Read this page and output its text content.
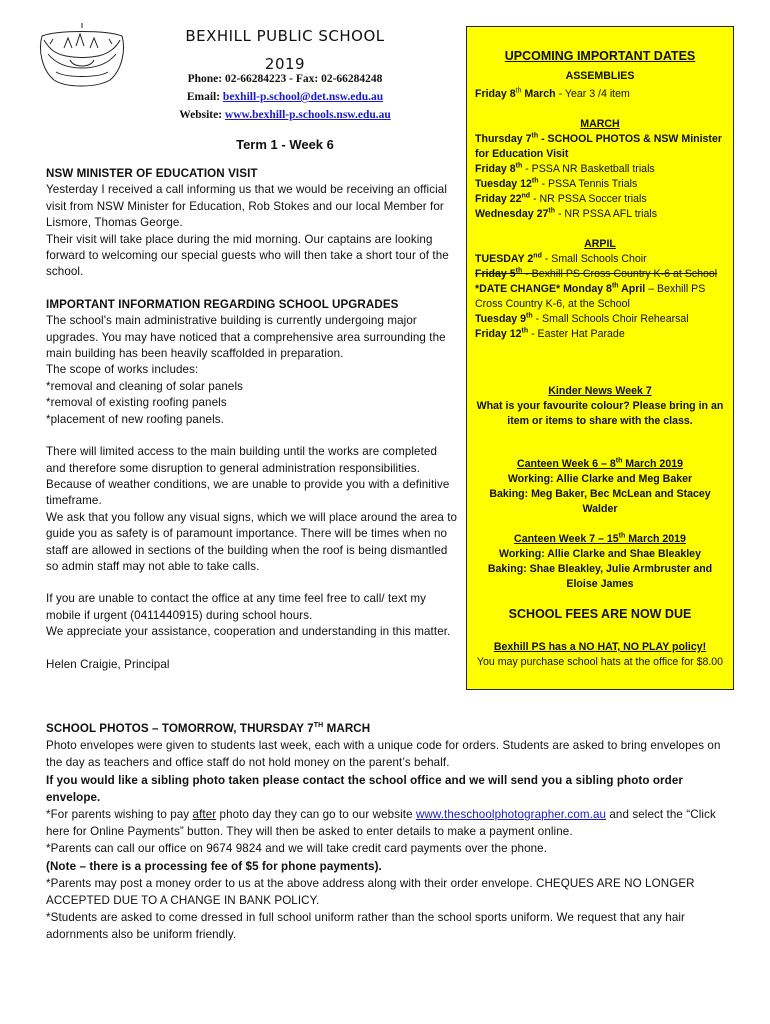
BEXHILL PUBLIC SCHOOL
2019
Phone: 02-66284223 - Fax: 02-66284248
Email: bexhill-p.school@det.nsw.edu.au
Website: www.bexhill-p.schools.nsw.edu.au
Term 1 - Week 6

NSW MINISTER OF EDUCATION VISIT

Yesterday I received a call informing us that we would be receiving an official visit from NSW Minister for Education, Rob Stokes and our local Member for Lismore, Thomas George.

Their visit will take place during the mid morning. Our captains are looking forward to welcoming our special guests who will then take a short tour of the school.

IMPORTANT INFORMATION REGARDING SCHOOL UPGRADES

The school's main administrative building is currently undergoing major upgrades. You may have noticed that a comprehensive area surrounding the main building has been heavily scaffolded in preparation.

The scope of works includes:

*removal and cleaning of solar panels

*removal of existing roofing panels

*placement of new roofing panels.

There will limited access to the main building until the works are completed and therefore some disruption to general administration responsibilities. Because of weather conditions, we are unable to provide you with a definitive timeframe.

We ask that you follow any visual signs, which we will place around the area to guide you as safety is of paramount importance. There will be times when no staff are allowed in sections of the building when the roof is being dismantled so admin staff may not able to take calls.

If you are unable to contact the office at any time feel free to call/ text my mobile if urgent (0411440915) during school hours.

We appreciate your assistance, cooperation and understanding in this matter.

Helen Craigie, Principal

UPCOMING IMPORTANT DATES
ASSEMBLIES
Friday 8th March - Year 3 /4 item
MARCH
Thursday 7th - SCHOOL PHOTOS & NSW Minister for Education Visit
Friday 8th - PSSA NR Basketball trials
Tuesday 12th - PSSA Tennis Trials
Friday 22nd - NR PSSA Soccer trials
Wednesday 27th - NR PSSA AFL trials
ARPIL
TUESDAY 2nd - Small Schools Choir
Friday 5th - Bexhill PS Cross Country K-6 at School
*DATE CHANGE* Monday 8th April – Bexhill PS Cross Country K-6, at the School
Tuesday 9th - Small Schools Choir Rehearsal
Friday 12th - Easter Hat Parade
Kinder News Week 7
What is your favourite colour? Please bring in an item or items to share with the class.
Canteen Week 6 – 8th March 2019
Working: Allie Clarke and Meg Baker
Baking: Meg Baker, Bec McLean and Stacey Walder
Canteen Week 7 – 15th March 2019
Working: Allie Clarke and Shae Bleakley
Baking: Shae Bleakley, Julie Armbruster and Eloise James
SCHOOL FEES ARE NOW DUE
Bexhill PS has a NO HAT, NO PLAY policy!
You may purchase school hats at the office for $8.00

SCHOOL PHOTOS – TOMORROW, THURSDAY 7TH MARCH

Photo envelopes were given to students last week, each with a unique code for orders. Students are asked to bring envelopes on the day as teachers and office staff do not hold money on the parent’s behalf.

If you would like a sibling photo taken please contact the school office and we will send you a sibling photo order envelope.

*For parents wishing to pay after photo day they can go to our website www.theschoolphotographer.com.au and select the “Click here for Online Payments” button. They will then be asked to enter details to make a payment online.

*Parents can call our office on 9674 9824 and we will take credit card payments over the phone.

(Note – there is a processing fee of $5 for phone payments).

*Parents may post a money order to us at the above address along with their order envelope. CHEQUES ARE NO LONGER ACCEPTED DUE TO A CHANGE IN BANK POLICY.

*Students are asked to come dressed in full school uniform rather than the school sports uniform. We request that any hair adornments also be uniform friendly.
